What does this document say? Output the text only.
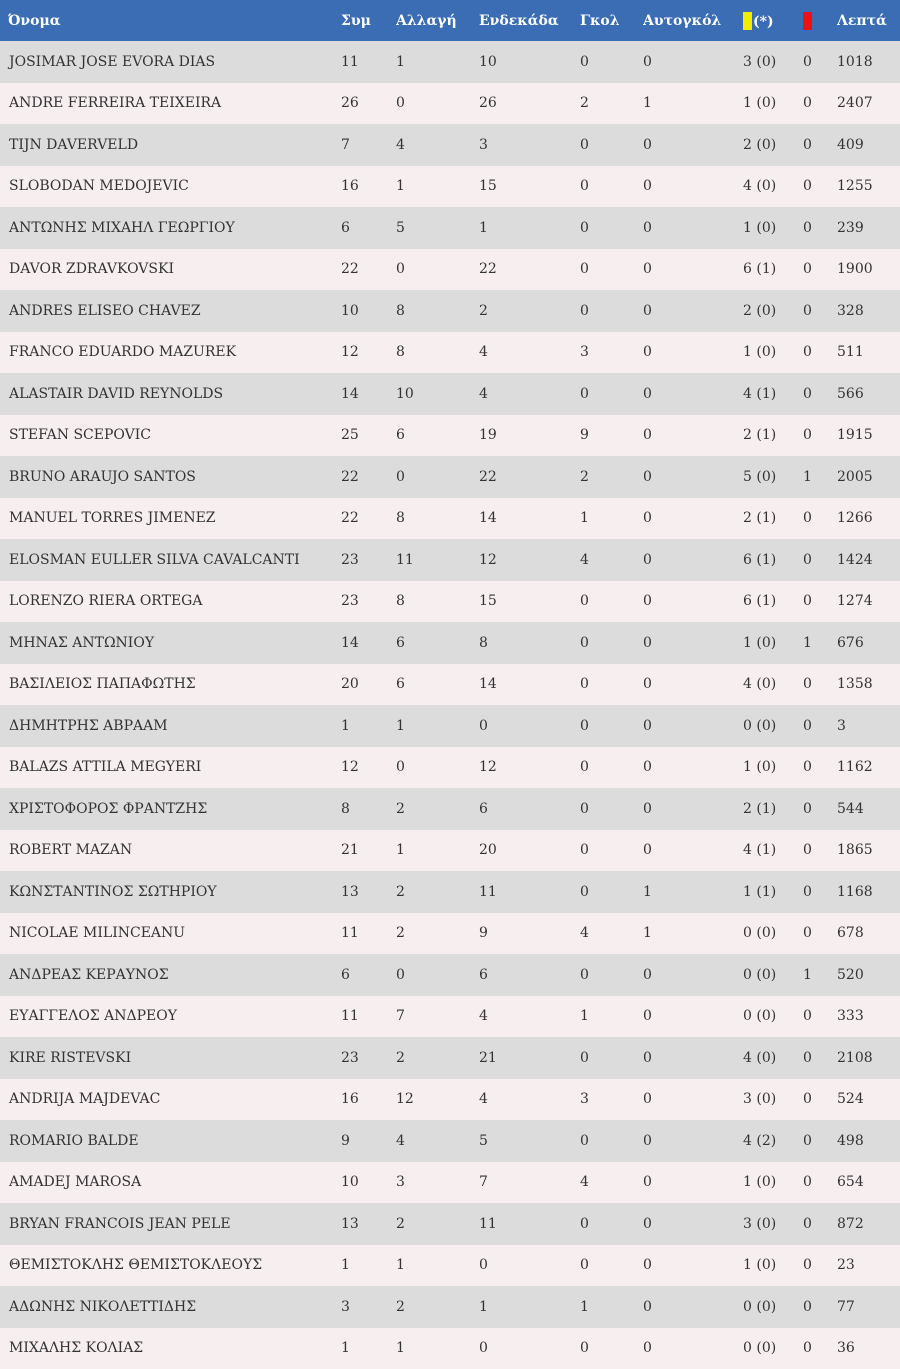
Όνομα	Συμ	Αλλαγή	Ενδεκάδα	Γκολ	Αυτογκόλ	(*)		Λεπτά
JOSIMAR JOSE EVORA DIAS	11	1	10	0	0	3 (0)	0	1018
ANDRE FERREIRA TEIXEIRA	26	0	26	2	1	1 (0)	0	2407
TIJN DAVERVELD	7	4	3	0	0	2 (0)	0	409
SLOBODAN MEDOJEVIC	16	1	15	0	0	4 (0)	0	1255
ΑΝΤΩΝΗΣ ΜΙΧΑΗΛ ΓΕΩΡΓΙΟΥ	6	5	1	0	0	1 (0)	0	239
DAVOR ZDRAVKOVSKI	22	0	22	0	0	6 (1)	0	1900
ANDRES ELISEO CHAVEZ	10	8	2	0	0	2 (0)	0	328
FRANCO EDUARDO MAZUREK	12	8	4	3	0	1 (0)	0	511
ALASTAIR DAVID REYNOLDS	14	10	4	0	0	4 (1)	0	566
STEFAN SCEPOVIC	25	6	19	9	0	2 (1)	0	1915
BRUNO ARAUJO SANTOS	22	0	22	2	0	5 (0)	1	2005
MANUEL TORRES JIMENEZ	22	8	14	1	0	2 (1)	0	1266
ELOSMAN EULLER SILVA CAVALCANTI	23	11	12	4	0	6 (1)	0	1424
LORENZO RIERA ORTEGA	23	8	15	0	0	6 (1)	0	1274
ΜΗΝΑΣ ΑΝΤΩΝΙΟΥ	14	6	8	0	0	1 (0)	1	676
ΒΑΣΙΛΕΙΟΣ ΠΑΠΑΦΩΤΗΣ	20	6	14	0	0	4 (0)	0	1358
ΔΗΜΗΤΡΗΣ ΑΒΡΑΑΜ	1	1	0	0	0	0 (0)	0	3
BALAZS ATTILA MEGYERI	12	0	12	0	0	1 (0)	0	1162
ΧΡΙΣΤΟΦΟΡΟΣ ΦΡΑΝΤΖΗΣ	8	2	6	0	0	2 (1)	0	544
ROBERT MAZAN	21	1	20	0	0	4 (1)	0	1865
ΚΩΝΣΤΑΝΤΙΝΟΣ ΣΩΤΗΡΙΟΥ	13	2	11	0	1	1 (1)	0	1168
NICOLAE MILINCEANU	11	2	9	4	1	0 (0)	0	678
ΑΝΔΡΕΑΣ ΚΕΡΑΥΝΟΣ	6	0	6	0	0	0 (0)	1	520
ΕΥΑΓΓΕΛΟΣ ΑΝΔΡΕΟΥ	11	7	4	1	0	0 (0)	0	333
KIRE RISTEVSKI	23	2	21	0	0	4 (0)	0	2108
ANDRIJA MAJDEVAC	16	12	4	3	0	3 (0)	0	524
ROMARIO BALDE	9	4	5	0	0	4 (2)	0	498
AMADEJ MAROSA	10	3	7	4	0	1 (0)	0	654
BRYAN FRANCOIS JEAN PELE	13	2	11	0	0	3 (0)	0	872
ΘΕΜΙΣΤΟΚΛΗΣ ΘΕΜΙΣΤΟΚΛΕΟΥΣ	1	1	0	0	0	1 (0)	0	23
ΑΔΩΝΗΣ ΝΙΚΟΛΕΤΤΙΔΗΣ	3	2	1	1	0	0 (0)	0	77
ΜΙΧΑΛΗΣ ΚΟΛΙΑΣ	1	1	0	0	0	0 (0)	0	36
